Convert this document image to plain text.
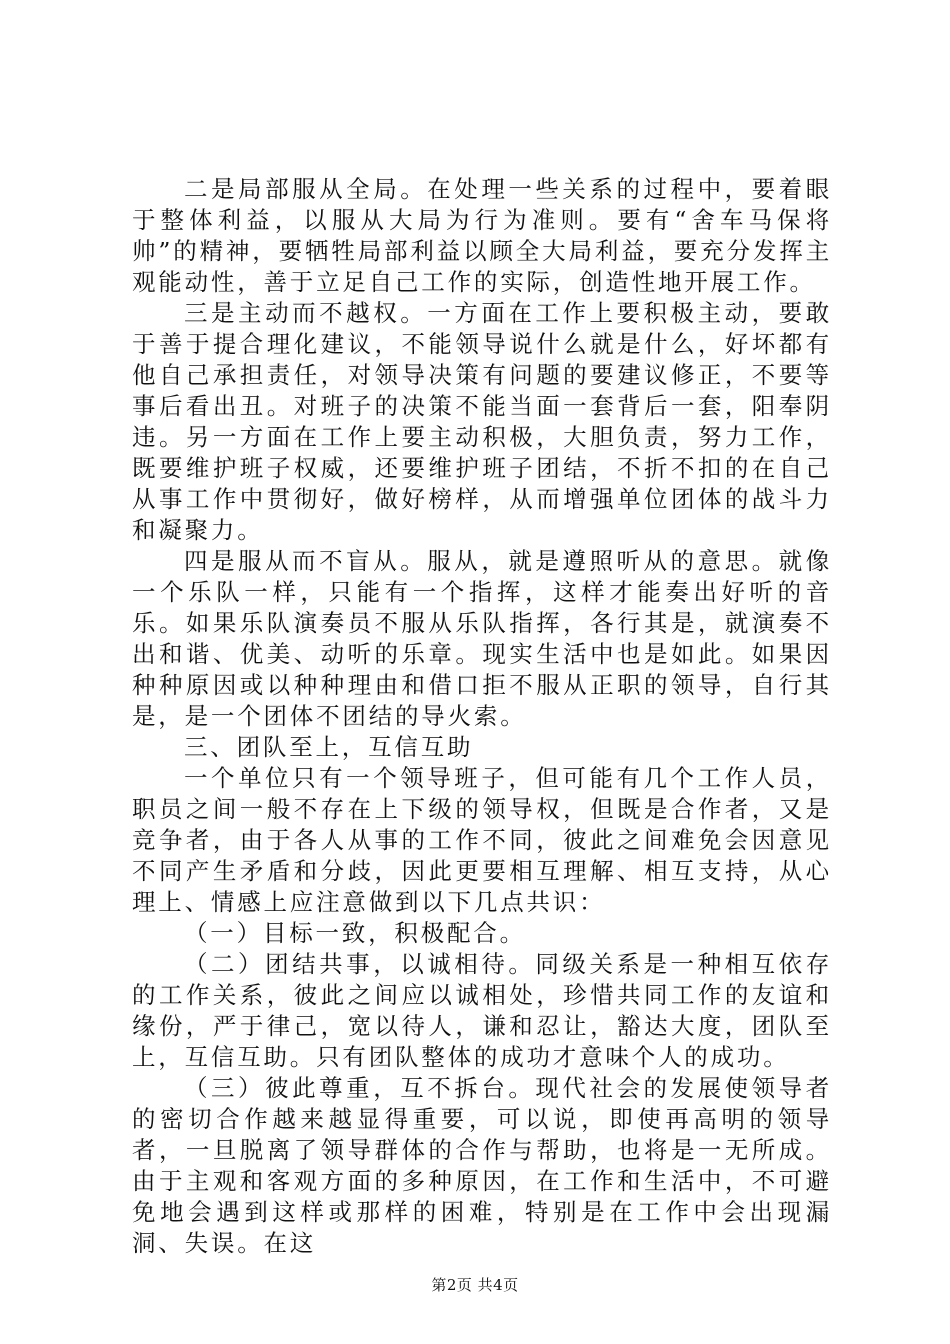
二是局部服从全局。在处理一些关系的过程中，要着眼于整体利益，以服从大局为行为准则。要有“舍车马保将帅”的精神，要牺牲局部利益以顾全大局利益，要充分发挥主观能动性，善于立足自己工作的实际，创造性地开展工作。

三是主动而不越权。一方面在工作上要积极主动，要敢于善于提合理化建议，不能领导说什么就是什么，好坏都有他自己承担责任，对领导决策有问题的要建议修正，不要等事后看出丑。对班子的决策不能当面一套背后一套，阳奉阴违。另一方面在工作上要主动积极，大胆负责，努力工作，既要维护班子权威，还要维护班子团结，不折不扣的在自己从事工作中贯彻好，做好榜样，从而增强单位团体的战斗力和凝聚力。

四是服从而不盲从。服从，就是遵照听从的意思。就像一个乐队一样，只能有一个指挥，这样才能奏出好听的音乐。如果乐队演奏员不服从乐队指挥，各行其是，就演奏不出和谐、优美、动听的乐章。现实生活中也是如此。如果因种种原因或以种种理由和借口拒不服从正职的领导，自行其是，是一个团体不团结的导火索。

三、团队至上，互信互助

一个单位只有一个领导班子，但可能有几个工作人员，职员之间一般不存在上下级的领导权，但既是合作者，又是竞争者，由于各人从事的工作不同，彼此之间难免会因意见不同产生矛盾和分歧，因此更要相互理解、相互支持，从心理上、情感上应注意做到以下几点共识：

（一）目标一致，积极配合。

（二）团结共事，以诚相待。同级关系是一种相互依存的工作关系，彼此之间应以诚相处，珍惜共同工作的友谊和缘份，严于律己，宽以待人，谦和忍让，豁达大度，团队至上，互信互助。只有团队整体的成功才意味个人的成功。

（三）彼此尊重，互不拆台。现代社会的发展使领导者的密切合作越来越显得重要，可以说，即使再高明的领导者，一旦脱离了领导群体的合作与帮助，也将是一无所成。由于主观和客观方面的多种原因，在工作和生活中，不可避免地会遇到这样或那样的困难，特别是在工作中会出现漏洞、失误。在这

第2页 共4页
